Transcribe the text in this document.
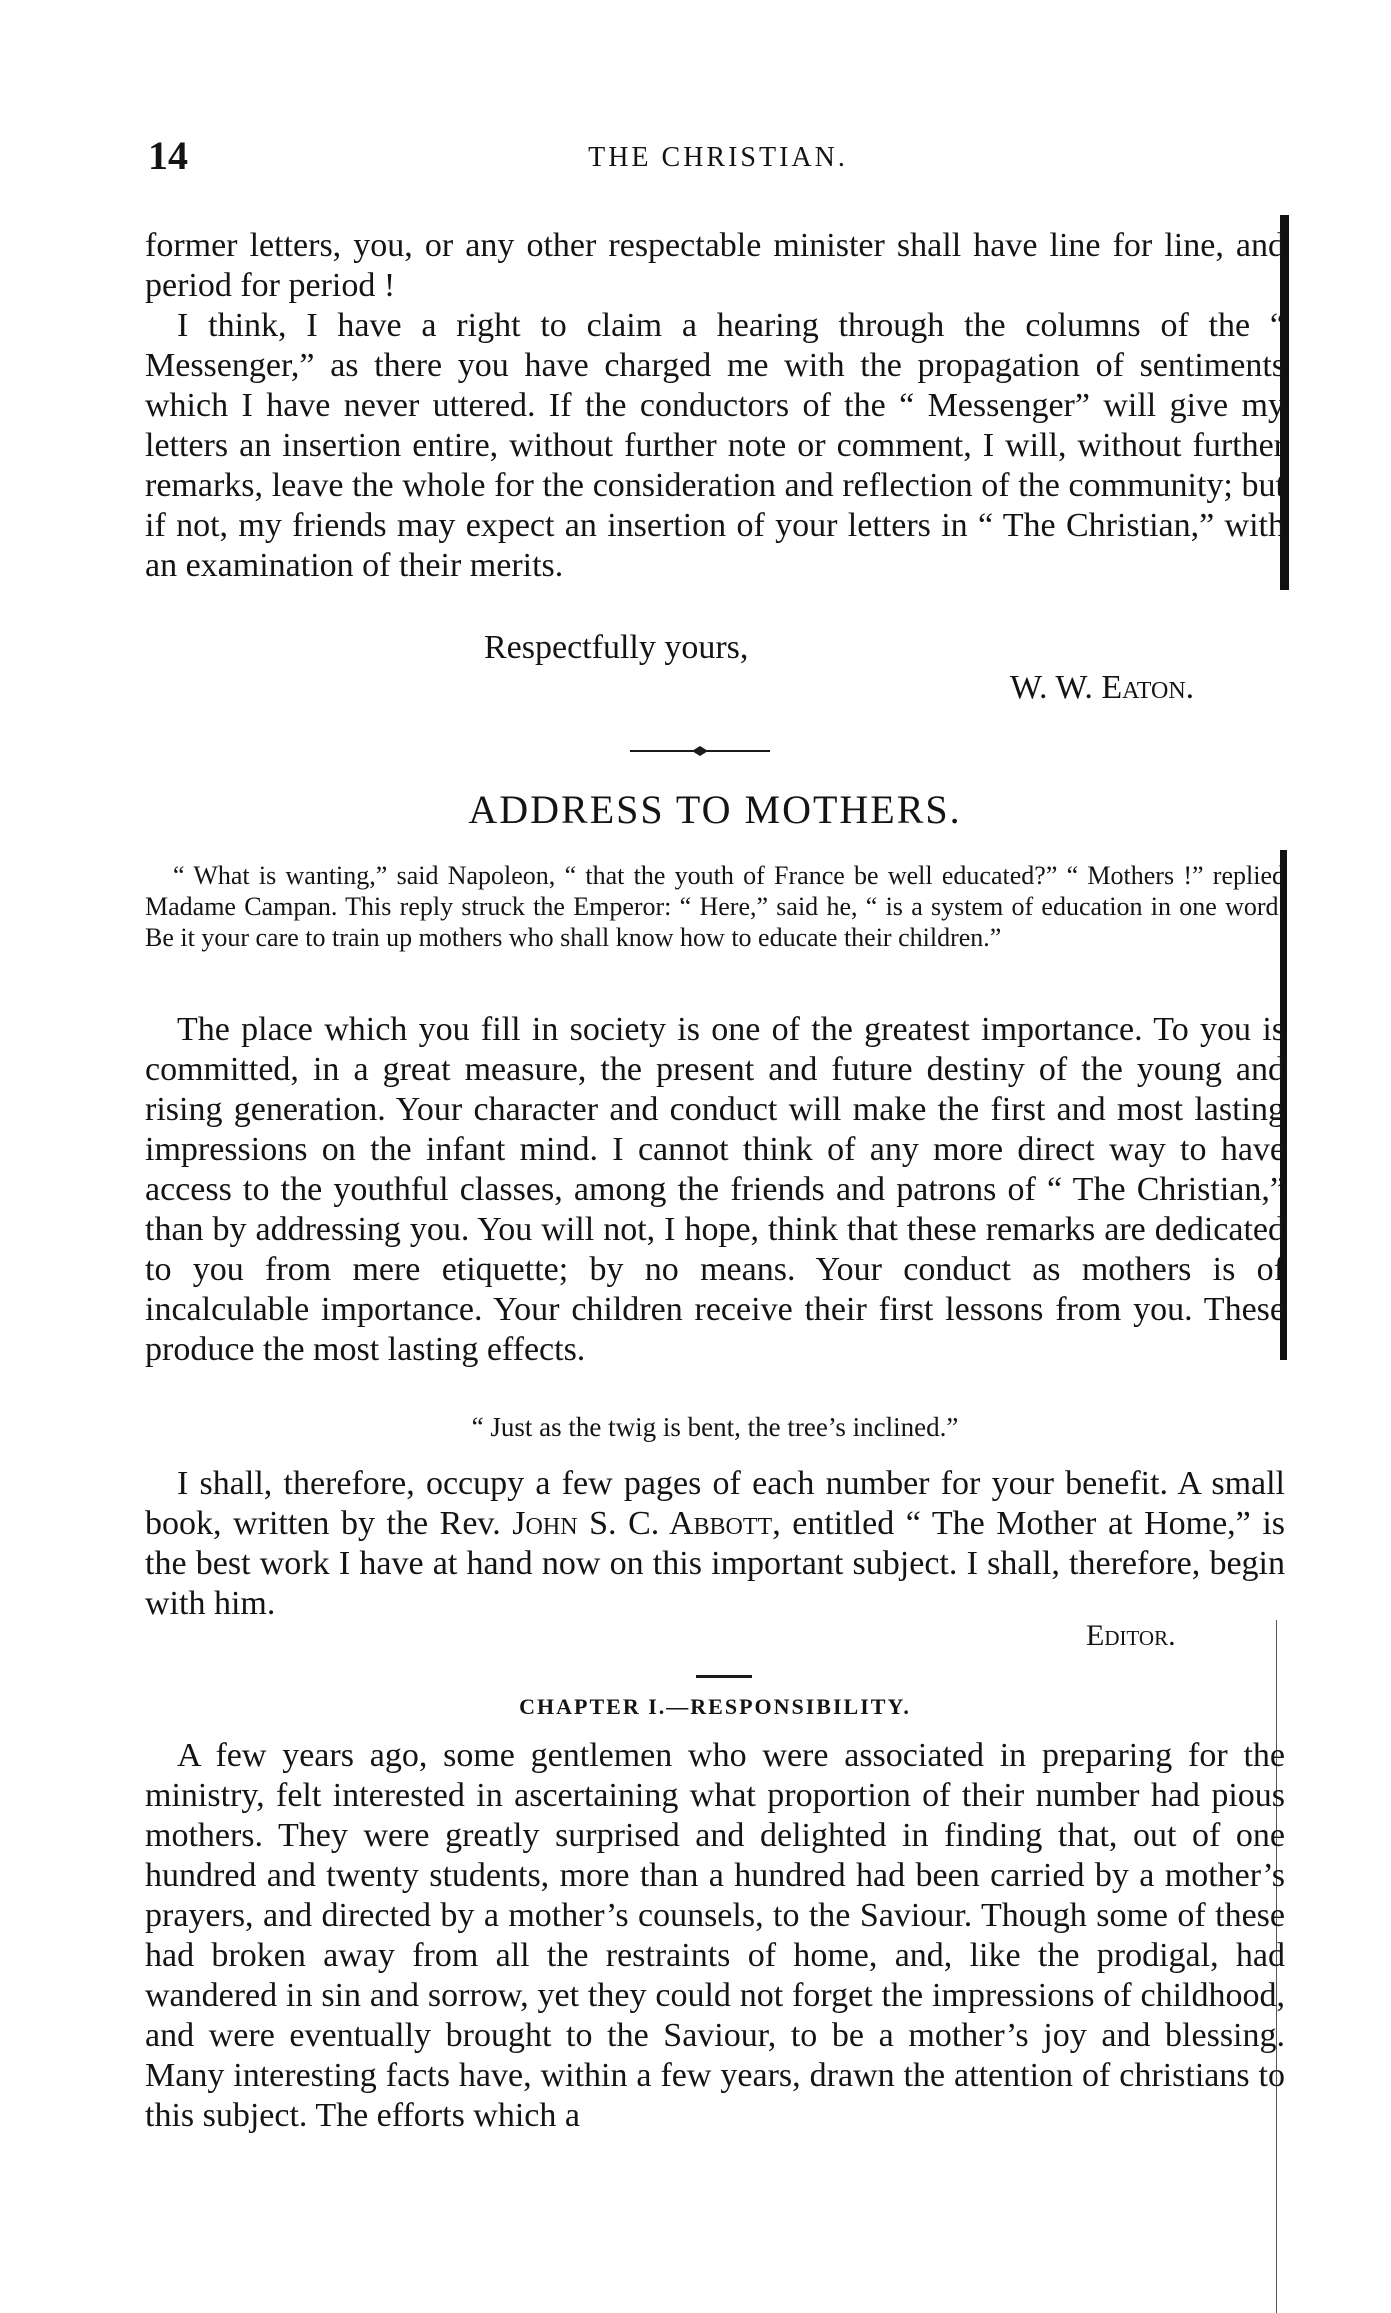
14	THE CHRISTIAN.

former letters, you, or any other respectable minister shall have line for line, and period for period !

I think, I have a right to claim a hearing through the columns of the “ Messenger,” as there you have charged me with the propagation of sentiments which I have never uttered. If the conductors of the “ Messenger” will give my letters an insertion entire, without further note or comment, I will, without further remarks, leave the whole for the consideration and reflection of the community; but if not, my friends may expect an insertion of your letters in “ The Christian,” with an examination of their merits.

Respectfully yours,
W. W. Eaton.
ADDRESS TO MOTHERS.

“ What is wanting,” said Napoleon, “ that the youth of France be well educated?” “ Mothers !” replied Madame Campan. This reply struck the Emperor: “ Here,” said he, “ is a system of education in one word. Be it your care to train up mothers who shall know how to educate their children.”

The place which you fill in society is one of the greatest importance. To you is committed, in a great measure, the present and future destiny of the young and rising generation. Your character and conduct will make the first and most lasting impressions on the infant mind. I cannot think of any more direct way to have access to the youthful classes, among the friends and patrons of “ The Christian,” than by addressing you. You will not, I hope, think that these remarks are dedicated to you from mere etiquette; by no means. Your conduct as mothers is of incalculable importance. Your children receive their first lessons from you. These produce the most lasting effects.

“ Just as the twig is bent, the tree’s inclined.”

I shall, therefore, occupy a few pages of each number for your benefit. A small book, written by the Rev. John S. C. Abbott, entitled “ The Mother at Home,” is the best work I have at hand now on this important subject. I shall, therefore, begin with him.

Editor.
CHAPTER I.—RESPONSIBILITY.

A few years ago, some gentlemen who were associated in preparing for the ministry, felt interested in ascertaining what proportion of their number had pious mothers. They were greatly surprised and delighted in finding that, out of one hundred and twenty students, more than a hundred had been carried by a mother’s prayers, and directed by a mother’s counsels, to the Saviour. Though some of these had broken away from all the restraints of home, and, like the prodigal, had wandered in sin and sorrow, yet they could not forget the impressions of childhood, and were eventually brought to the Saviour, to be a mother’s joy and blessing. Many interesting facts have, within a few years, drawn the attention of christians to this subject. The efforts which a
